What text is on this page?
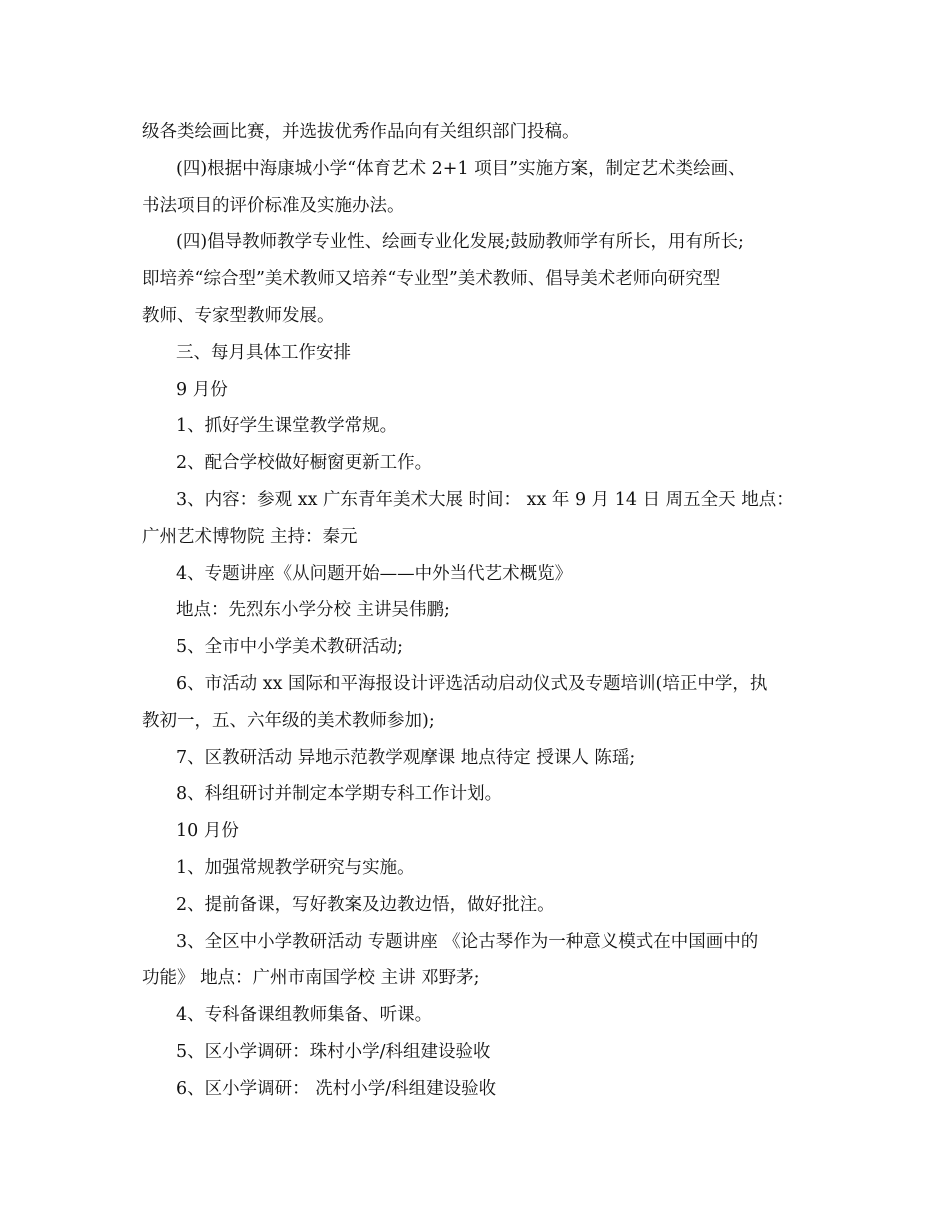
级各类绘画比赛，并选拔优秀作品向有关组织部门投稿。

(四)根据中海康城小学“体育艺术 2+1 项目”实施方案，制定艺术类绘画、

书法项目的评价标准及实施办法。

(四)倡导教师教学专业性、绘画专业化发展;鼓励教师学有所长，用有所长;

即培养“综合型”美术教师又培养“专业型”美术教师、倡导美术老师向研究型

教师、专家型教师发展。

三、每月具体工作安排

9 月份

1、抓好学生课堂教学常规。

2、配合学校做好橱窗更新工作。

3、内容：参观 xx 广东青年美术大展 时间： xx 年 9 月 14 日 周五全天 地点：

广州艺术博物院 主持：秦元

4、专题讲座《从问题开始——中外当代艺术概览》

地点：先烈东小学分校 主讲吴伟鹏;

5、全市中小学美术教研活动;

6、市活动 xx 国际和平海报设计评选活动启动仪式及专题培训(培正中学，执

教初一，五、六年级的美术教师参加);

7、区教研活动 异地示范教学观摩课 地点待定 授课人 陈瑶;

8、科组研讨并制定本学期专科工作计划。

10 月份

1、加强常规教学研究与实施。

2、提前备课，写好教案及边教边悟，做好批注。

3、全区中小学教研活动 专题讲座 《论古琴作为一种意义模式在中国画中的

功能》 地点：广州市南国学校 主讲 邓野茅;

4、专科备课组教师集备、听课。

5、区小学调研：珠村小学/科组建设验收

6、区小学调研： 冼村小学/科组建设验收
